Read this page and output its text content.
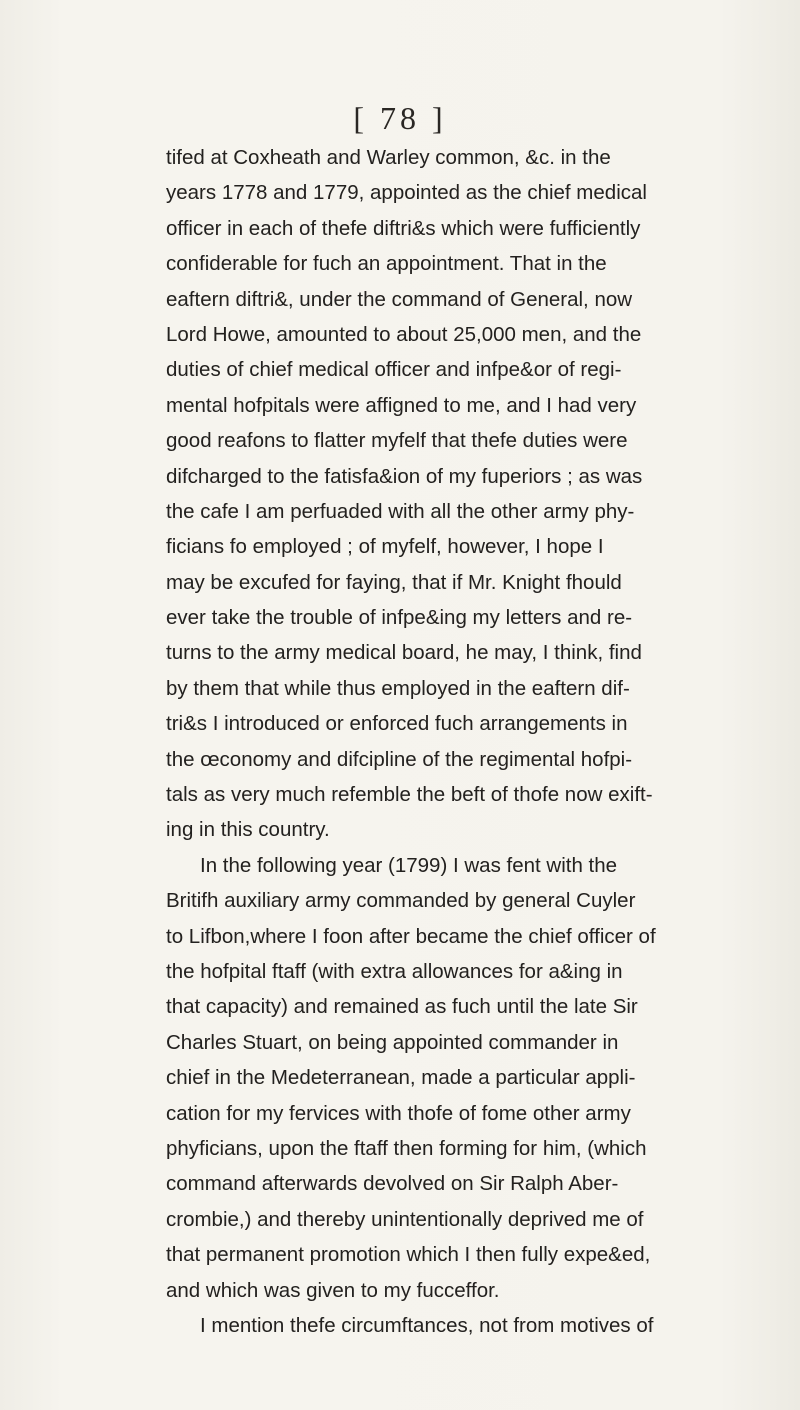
[ 78 ]
tifed at Coxheath and Warley common, &c. in the
years 1778 and 1779, appointed as the chief medical
officer in each of thefe diftri&s which were fufficiently
confiderable for fuch an appointment. That in the
eaftern diftri&, under the command of General, now
Lord Howe, amounted to about 25,000 men, and the
duties of chief medical officer and infpe&or of regi-
mental hofpitals were affigned to me, and I had very
good reafons to flatter myfelf that thefe duties were
difcharged to the fatisfa&ion of my fuperiors ; as was
the cafe I am perfuaded with all the other army phy-
ficians fo employed ; of myfelf, however, I hope I
may be excufed for faying, that if Mr. Knight fhould
ever take the trouble of infpe&ing my letters and re-
turns to the army medical board, he may, I think, find
by them that while thus employed in the eaftern dif-
tri&s I introduced or enforced fuch arrangements in
the œconomy and difcipline of the regimental hofpi-
tals as very much refemble the beft of thofe now exift-
ing in this country.
In the following year (1799) I was fent with the
Britifh auxiliary army commanded by general Cuyler
to Lifbon,where I foon after became the chief officer of
the hofpital ftaff (with extra allowances for a&ing in
that capacity) and remained as fuch until the late Sir
Charles Stuart, on being appointed commander in
chief in the Medeterranean, made a particular appli-
cation for my fervices with thofe of fome other army
phyficians, upon the ftaff then forming for him, (which
command afterwards devolved on Sir Ralph Aber-
crombie,) and thereby unintentionally deprived me of
that permanent promotion which I then fully expe&ed,
and which was given to my fucceffor.
I mention thefe circumftances, not from motives of
